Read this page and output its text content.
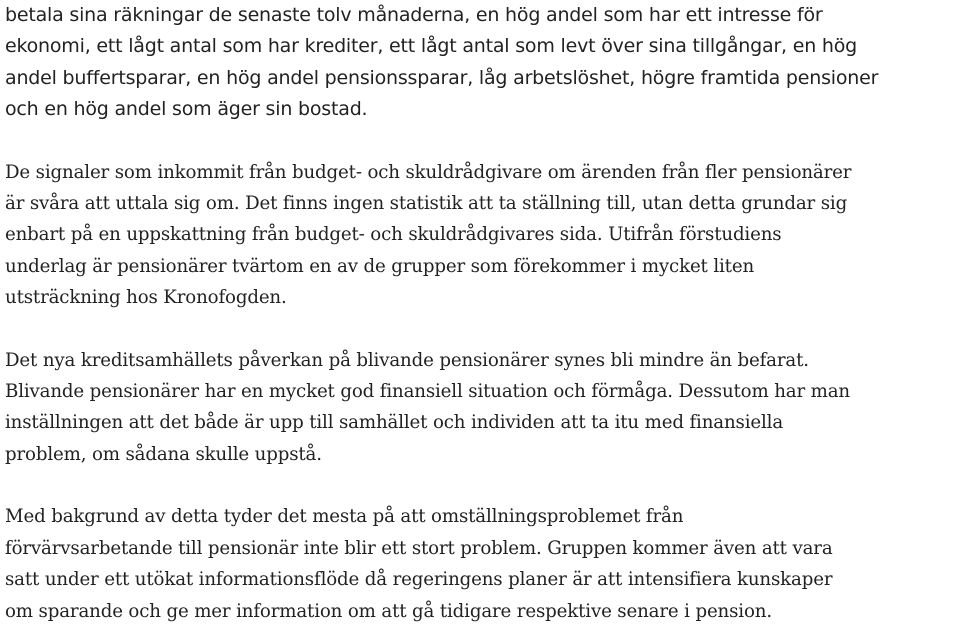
betala sina räkningar de senaste tolv månaderna, en hög andel som har ett intresse för
ekonomi, ett lågt antal som har krediter, ett lågt antal som levt över sina tillgångar, en hög
andel buffertsparar, en hög andel pensionssparar, låg arbetslöshet, högre framtida pensioner
och en hög andel som äger sin bostad.

De signaler som inkommit från budget- och skuldrådgivare om ärenden från fler pensionärer
är svåra att uttala sig om. Det finns ingen statistik att ta ställning till, utan detta grundar sig
enbart på en uppskattning från budget- och skuldrådgivares sida. Utifrån förstudiens
underlag är pensionärer tvärtom en av de grupper som förekommer i mycket liten
utsträckning hos Kronofogden.

Det nya kreditsamhällets påverkan på blivande pensionärer synes bli mindre än befarat.
Blivande pensionärer har en mycket god finansiell situation och förmåga. Dessutom har man
inställningen att det både är upp till samhället och individen att ta itu med finansiella
problem, om sådana skulle uppstå.

Med bakgrund av detta tyder det mesta på att omställningsproblemet från
förvärvsarbetande till pensionär inte blir ett stort problem. Gruppen kommer även att vara
satt under ett utökat informationsflöde då regeringens planer är att intensifiera kunskaper
om sparande och ge mer information om att gå tidigare respektive senare i pension.
